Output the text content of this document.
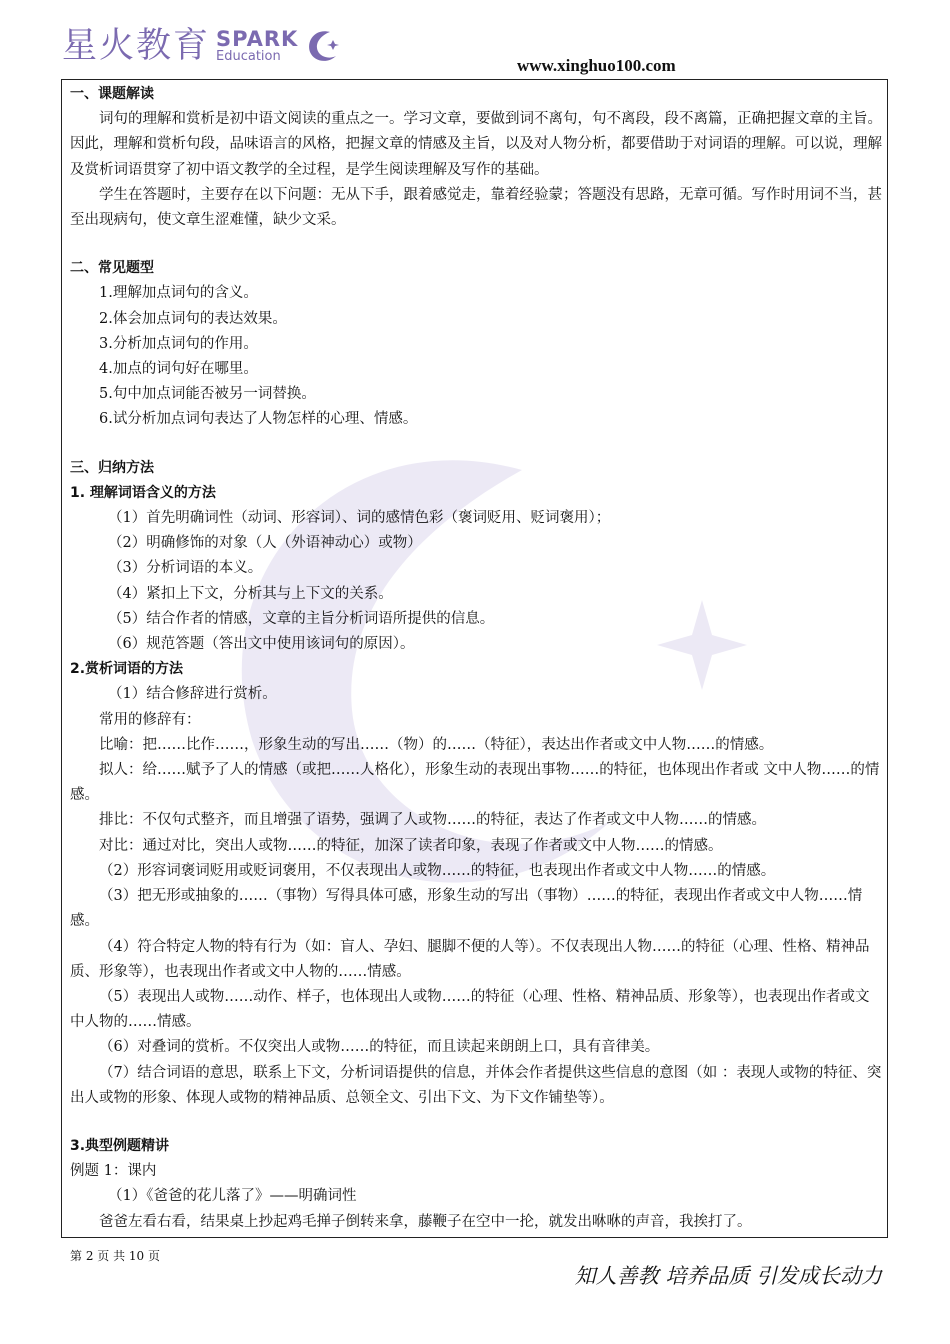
星火教育 SPARK
Education	www.xinghuo100.com

一、课题解读

词句的理解和赏析是初中语文阅读的重点之一。学习文章，要做到词不离句，句不离段，段不离篇，正确把握文章的主旨。因此，理解和赏析句段，品味语言的风格，把握文章的情感及主旨，以及对人物分析，都要借助于对词语的理解。可以说，理解及赏析词语贯穿了初中语文教学的全过程，是学生阅读理解及写作的基础。

学生在答题时，主要存在以下问题：无从下手，跟着感觉走，靠着经验蒙；答题没有思路，无章可循。写作时用词不当，甚至出现病句，使文章生涩难懂，缺少文采。

二、常见题型

1.理解加点词句的含义。

2.体会加点词句的表达效果。

3.分析加点词句的作用。

4.加点的词句好在哪里。

5.句中加点词能否被另一词替换。

6.试分析加点词句表达了人物怎样的心理、情感。

三、归纳方法

1. 理解词语含义的方法

（1）首先明确词性（动词、形容词）、词的感情色彩（褒词贬用、贬词褒用）；

（2）明确修饰的对象（人（外语神动心）或物）

（3）分析词语的本义。

（4）紧扣上下文，分析其与上下文的关系。

（5）结合作者的情感，文章的主旨分析词语所提供的信息。

（6）规范答题（答出文中使用该词句的原因）。

2.赏析词语的方法

（1）结合修辞进行赏析。

常用的修辞有：

比喻：把……比作……，形象生动的写出……（物）的……（特征），表达出作者或文中人物……的情感。

拟人：给……赋予了人的情感（或把……人格化），形象生动的表现出事物……的特征，也体现出作者或 文中人物……的情感。

排比：不仅句式整齐，而且增强了语势，强调了人或物……的特征，表达了作者或文中人物……的情感。

对比：通过对比，突出人或物……的特征，加深了读者印象，表现了作者或文中人物……的情感。

（2）形容词褒词贬用或贬词褒用，不仅表现出人或物……的特征，也表现出作者或文中人物……的情感。

（3）把无形或抽象的……（事物）写得具体可感，形象生动的写出（事物）……的特征，表现出作者或文中人物……情感。

（4）符合特定人物的特有行为（如：盲人、孕妇、腿脚不便的人等）。不仅表现出人物……的特征（心理、性格、精神品质、形象等），也表现出作者或文中人物的……情感。

（5）表现出人或物……动作、样子，也体现出人或物……的特征（心理、性格、精神品质、形象等），也表现出作者或文中人物的……情感。

（6）对叠词的赏析。不仅突出人或物……的特征，而且读起来朗朗上口，具有音律美。

（7）结合词语的意思，联系上下文，分析词语提供的信息，并体会作者提供这些信息的意图（如 ：表现人或物的特征、突出人或物的形象、体现人或物的精神品质、总领全文、引出下文、为下文作铺垫等）。

3.典型例题精讲

例题 1：课内

（1）《爸爸的花儿落了》——明确词性

爸爸左看右看，结果桌上抄起鸡毛掸子倒转来拿，藤鞭子在空中一抡，就发出咻咻的声音，我挨打了。

第 2 页 共 10 页
知人善教 培养品质 引发成长动力
